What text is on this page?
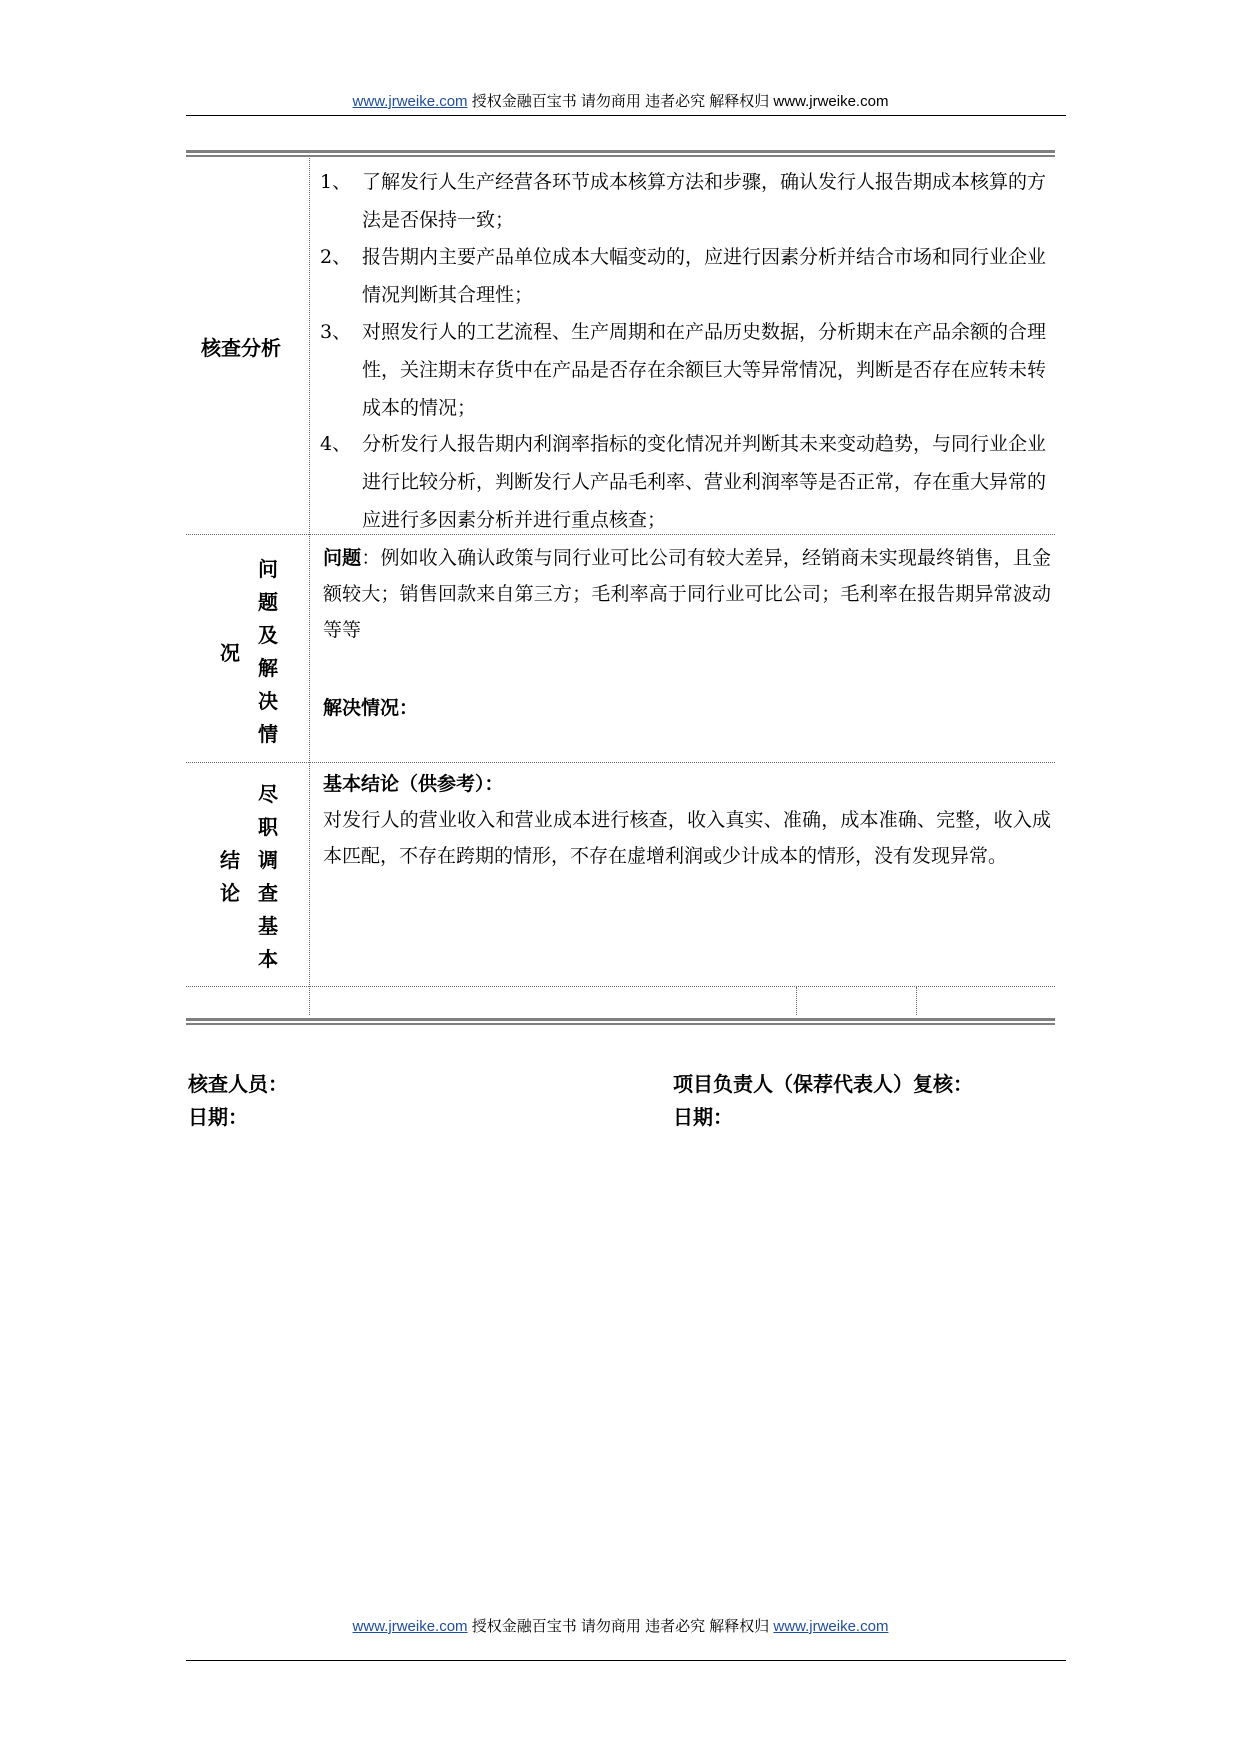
www.jrweike.com 授权金融百宝书 请勿商用 违者必究 解释权归 www.jrweike.com
核查分析
1、 了解发行人生产经营各环节成本核算方法和步骤，确认发行人报告期成本核算的方法是否保持一致；
2、 报告期内主要产品单位成本大幅变动的，应进行因素分析并结合市场和同行业企业情况判断其合理性；
3、 对照发行人的工艺流程、生产周期和在产品历史数据，分析期末在产品余额的合理性，关注期末存货中在产品是否存在余额巨大等异常情况，判断是否存在应转未转成本的情况；
4、 分析发行人报告期内利润率指标的变化情况并判断其未来变动趋势，与同行业企业进行比较分析，判断发行人产品毛利率、营业利润率等是否正常，存在重大异常的应进行多因素分析并进行重点核查；
问
题
及
解
决
情
况
问题：例如收入确认政策与同行业可比公司有较大差异，经销商未实现最终销售，且金额较大；销售回款来自第三方；毛利率高于同行业可比公司；毛利率在报告期异常波动等等
解决情况：
尽
职
调
查
基
本
结
论
基本结论（供参考）：
对发行人的营业收入和营业成本进行核查，收入真实、准确，成本准确、完整，收入成本匹配，不存在跨期的情形，不存在虚增利润或少计成本的情形，没有发现异常。
核查人员：
日期：
项目负责人（保荐代表人）复核：
日期：
www.jrweike.com 授权金融百宝书 请勿商用 违者必究 解释权归 www.jrweike.com
